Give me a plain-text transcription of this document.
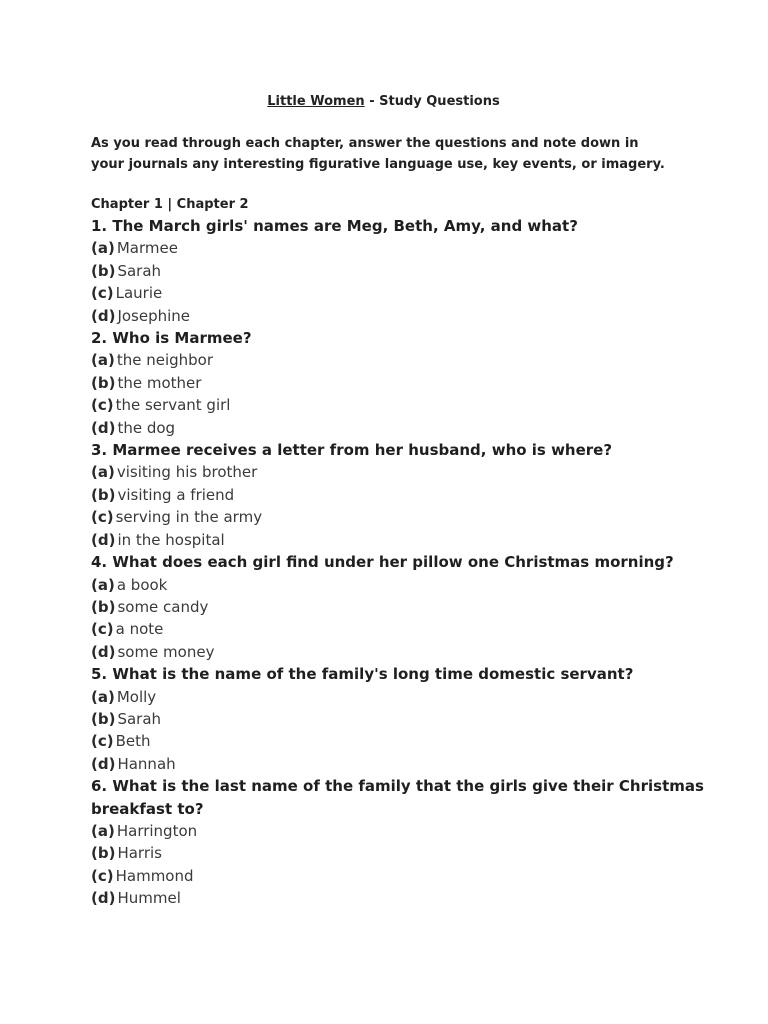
Little Women - Study Questions
As you read through each chapter, answer the questions and note down in your journals any interesting figurative language use, key events, or imagery.
Chapter 1 | Chapter 2
1. The March girls' names are Meg, Beth, Amy, and what?
(a) Marmee
(b) Sarah
(c) Laurie
(d) Josephine
2. Who is Marmee?
(a) the neighbor
(b) the mother
(c) the servant girl
(d) the dog
3. Marmee receives a letter from her husband, who is where?
(a) visiting his brother
(b) visiting a friend
(c) serving in the army
(d) in the hospital
4. What does each girl find under her pillow one Christmas morning?
(a) a book
(b) some candy
(c) a note
(d) some money
5. What is the name of the family's long time domestic servant?
(a) Molly
(b) Sarah
(c) Beth
(d) Hannah
6. What is the last name of the family that the girls give their Christmas breakfast to?
(a) Harrington
(b) Harris
(c) Hammond
(d) Hummel
